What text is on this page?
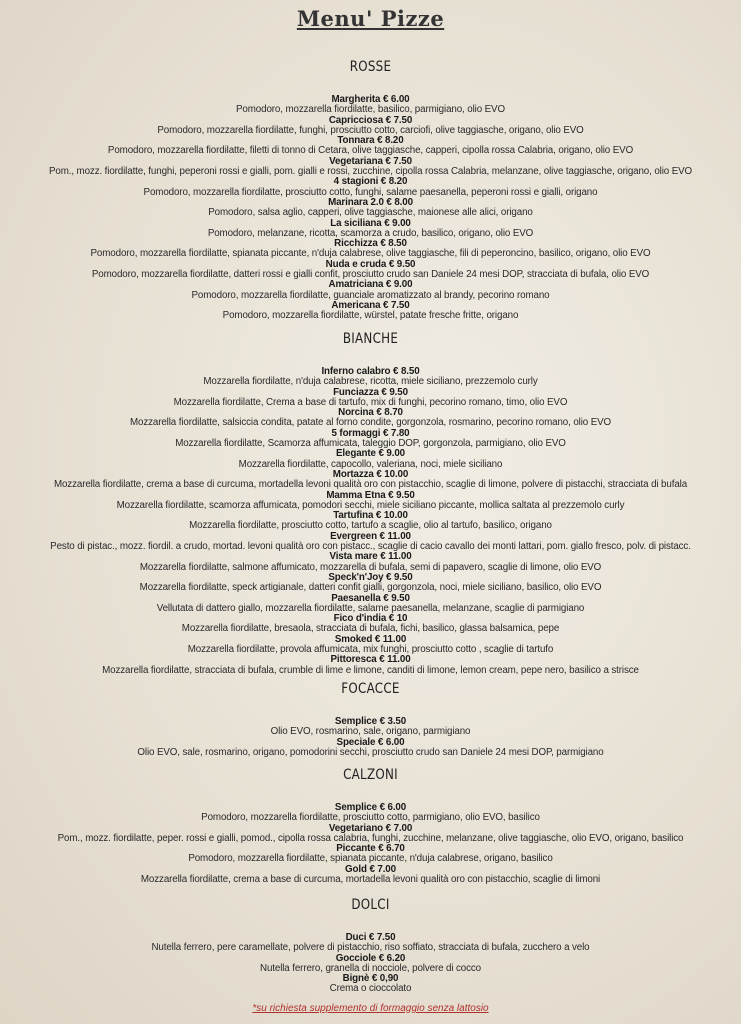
Menu' Pizze
ROSSE
Margherita € 6.00
Pomodoro, mozzarella fiordilatte, basilico, parmigiano, olio EVO
Capricciosa € 7.50
Pomodoro, mozzarella fiordilatte, funghi, prosciutto cotto, carciofi, olive taggiasche, origano, olio EVO
Tonnara € 8.20
Pomodoro, mozzarella fiordilatte, filetti di tonno di Cetara, olive taggiasche, capperi, cipolla rossa Calabria, origano, olio EVO
Vegetariana € 7.50
Pom., mozz. fiordilatte, funghi, peperoni rossi e gialli, pom. gialli e rossi, zucchine, cipolla rossa Calabria, melanzane, olive taggiasche, origano, olio EVO
4 stagioni € 8.20
Pomodoro, mozzarella fiordilatte, prosciutto cotto, funghi, salame paesanella, peperoni rossi e gialli, origano
Marinara 2.0 € 8.00
Pomodoro, salsa aglio, capperi, olive taggiasche, maionese alle alici, origano
La siciliana € 9.00
Pomodoro, melanzane, ricotta, scamorza a crudo, basilico, origano, olio EVO
Ricchizza € 8.50
Pomodoro, mozzarella fiordilatte, spianata piccante, n'duja calabrese, olive taggiasche, fili di peperoncino, basilico, origano, olio EVO
Nuda e cruda € 9.50
Pomodoro, mozzarella fiordilatte, datteri rossi e gialli confit, prosciutto crudo san Daniele 24 mesi DOP, stracciata di bufala, olio EVO
Amatriciana € 9.00
Pomodoro, mozzarella fiordilatte, guanciale aromatizzato al brandy, pecorino romano
Americana € 7.50
Pomodoro, mozzarella fiordilatte, würstel, patate fresche fritte, origano
BIANCHE
Inferno calabro € 8.50
Mozzarella fiordilatte, n'duja calabrese, ricotta, miele siciliano, prezzemolo curly
Funciazza € 9.50
Mozzarella fiordilatte, Crema a base di tartufo, mix di funghi, pecorino romano, timo, olio EVO
Norcina € 8.70
Mozzarella fiordilatte, salsiccia condita, patate al forno condite, gorgonzola, rosmarino, pecorino romano, olio EVO
5 formaggi € 7.80
Mozzarella fiordilatte, Scamorza affumicata, taleggio DOP, gorgonzola, parmigiano, olio EVO
Elegante € 9.00
Mozzarella fiordilatte, capocollo, valeriana, noci, miele siciliano
Mortazza € 10.00
Mozzarella fiordilatte, crema a base di curcuma, mortadella levoni qualità oro con pistacchio, scaglie di limone, polvere di pistacchi, stracciata di bufala
Mamma Etna € 9.50
Mozzarella fiordilatte, scamorza affumicata, pomodori secchi, miele siciliano piccante, mollica saltata al prezzemolo curly
Tartufina € 10.00
Mozzarella fiordilatte, prosciutto cotto, tartufo a scaglie, olio al tartufo, basilico, origano
Evergreen € 11.00
Pesto di pistac., mozz. fiordil. a crudo, mortad. levoni qualità oro con pistacc., scaglie di cacio cavallo dei monti lattari, pom. giallo fresco, polv. di pistacc.
Vista mare € 11.00
Mozzarella fiordilatte, salmone affumicato, mozzarella di bufala, semi di papavero, scaglie di limone, olio EVO
Speck'n'Joy € 9.50
Mozzarella fiordilatte, speck artigianale, datteri confit gialli, gorgonzola, noci, miele siciliano, basilico, olio EVO
Paesanella € 9.50
Vellutata di dattero giallo, mozzarella fiordilatte, salame paesanella, melanzane, scaglie di parmigiano
Fico d'india € 10
Mozzarella fiordilatte, bresaola, stracciata di bufala, fichi, basilico, glassa balsamica, pepe
Smoked € 11.00
Mozzarella fiordilatte, provola affumicata, mix funghi, prosciutto cotto , scaglie di tartufo
Pittoresca € 11.00
Mozzarella fiordilatte, stracciata di bufala, crumble di lime e limone, canditi di limone, lemon cream, pepe nero, basilico a strisce
FOCACCE
Semplice € 3.50
Olio EVO, rosmarino, sale, origano, parmigiano
Speciale € 6.00
Olio EVO, sale, rosmarino, origano, pomodorini secchi, prosciutto crudo san Daniele 24 mesi DOP, parmigiano
CALZONI
Semplice € 6.00
Pomodoro, mozzarella fiordilatte, prosciutto cotto, parmigiano, olio EVO, basilico
Vegetariano € 7.00
Pom., mozz. fiordilatte, peper. rossi e gialli, pomod., cipolla rossa calabria, funghi, zucchine, melanzane, olive taggiasche, olio EVO, origano, basilico
Piccante € 6.70
Pomodoro, mozzarella fiordilatte, spianata piccante, n'duja calabrese, origano, basilico
Gold € 7.00
Mozzarella fiordilatte, crema a base di curcuma, mortadella levoni qualità oro con pistacchio, scaglie di limoni
DOLCI
Duci € 7.50
Nutella ferrero, pere caramellate, polvere di pistacchio, riso soffiato, stracciata di bufala, zucchero a velo
Gocciole € 6.20
Nutella ferrero, granella di nocciole, polvere di cocco
Bignè € 0,90
Crema o cioccolato
*su richiesta supplemento di formaggio senza lattosio
